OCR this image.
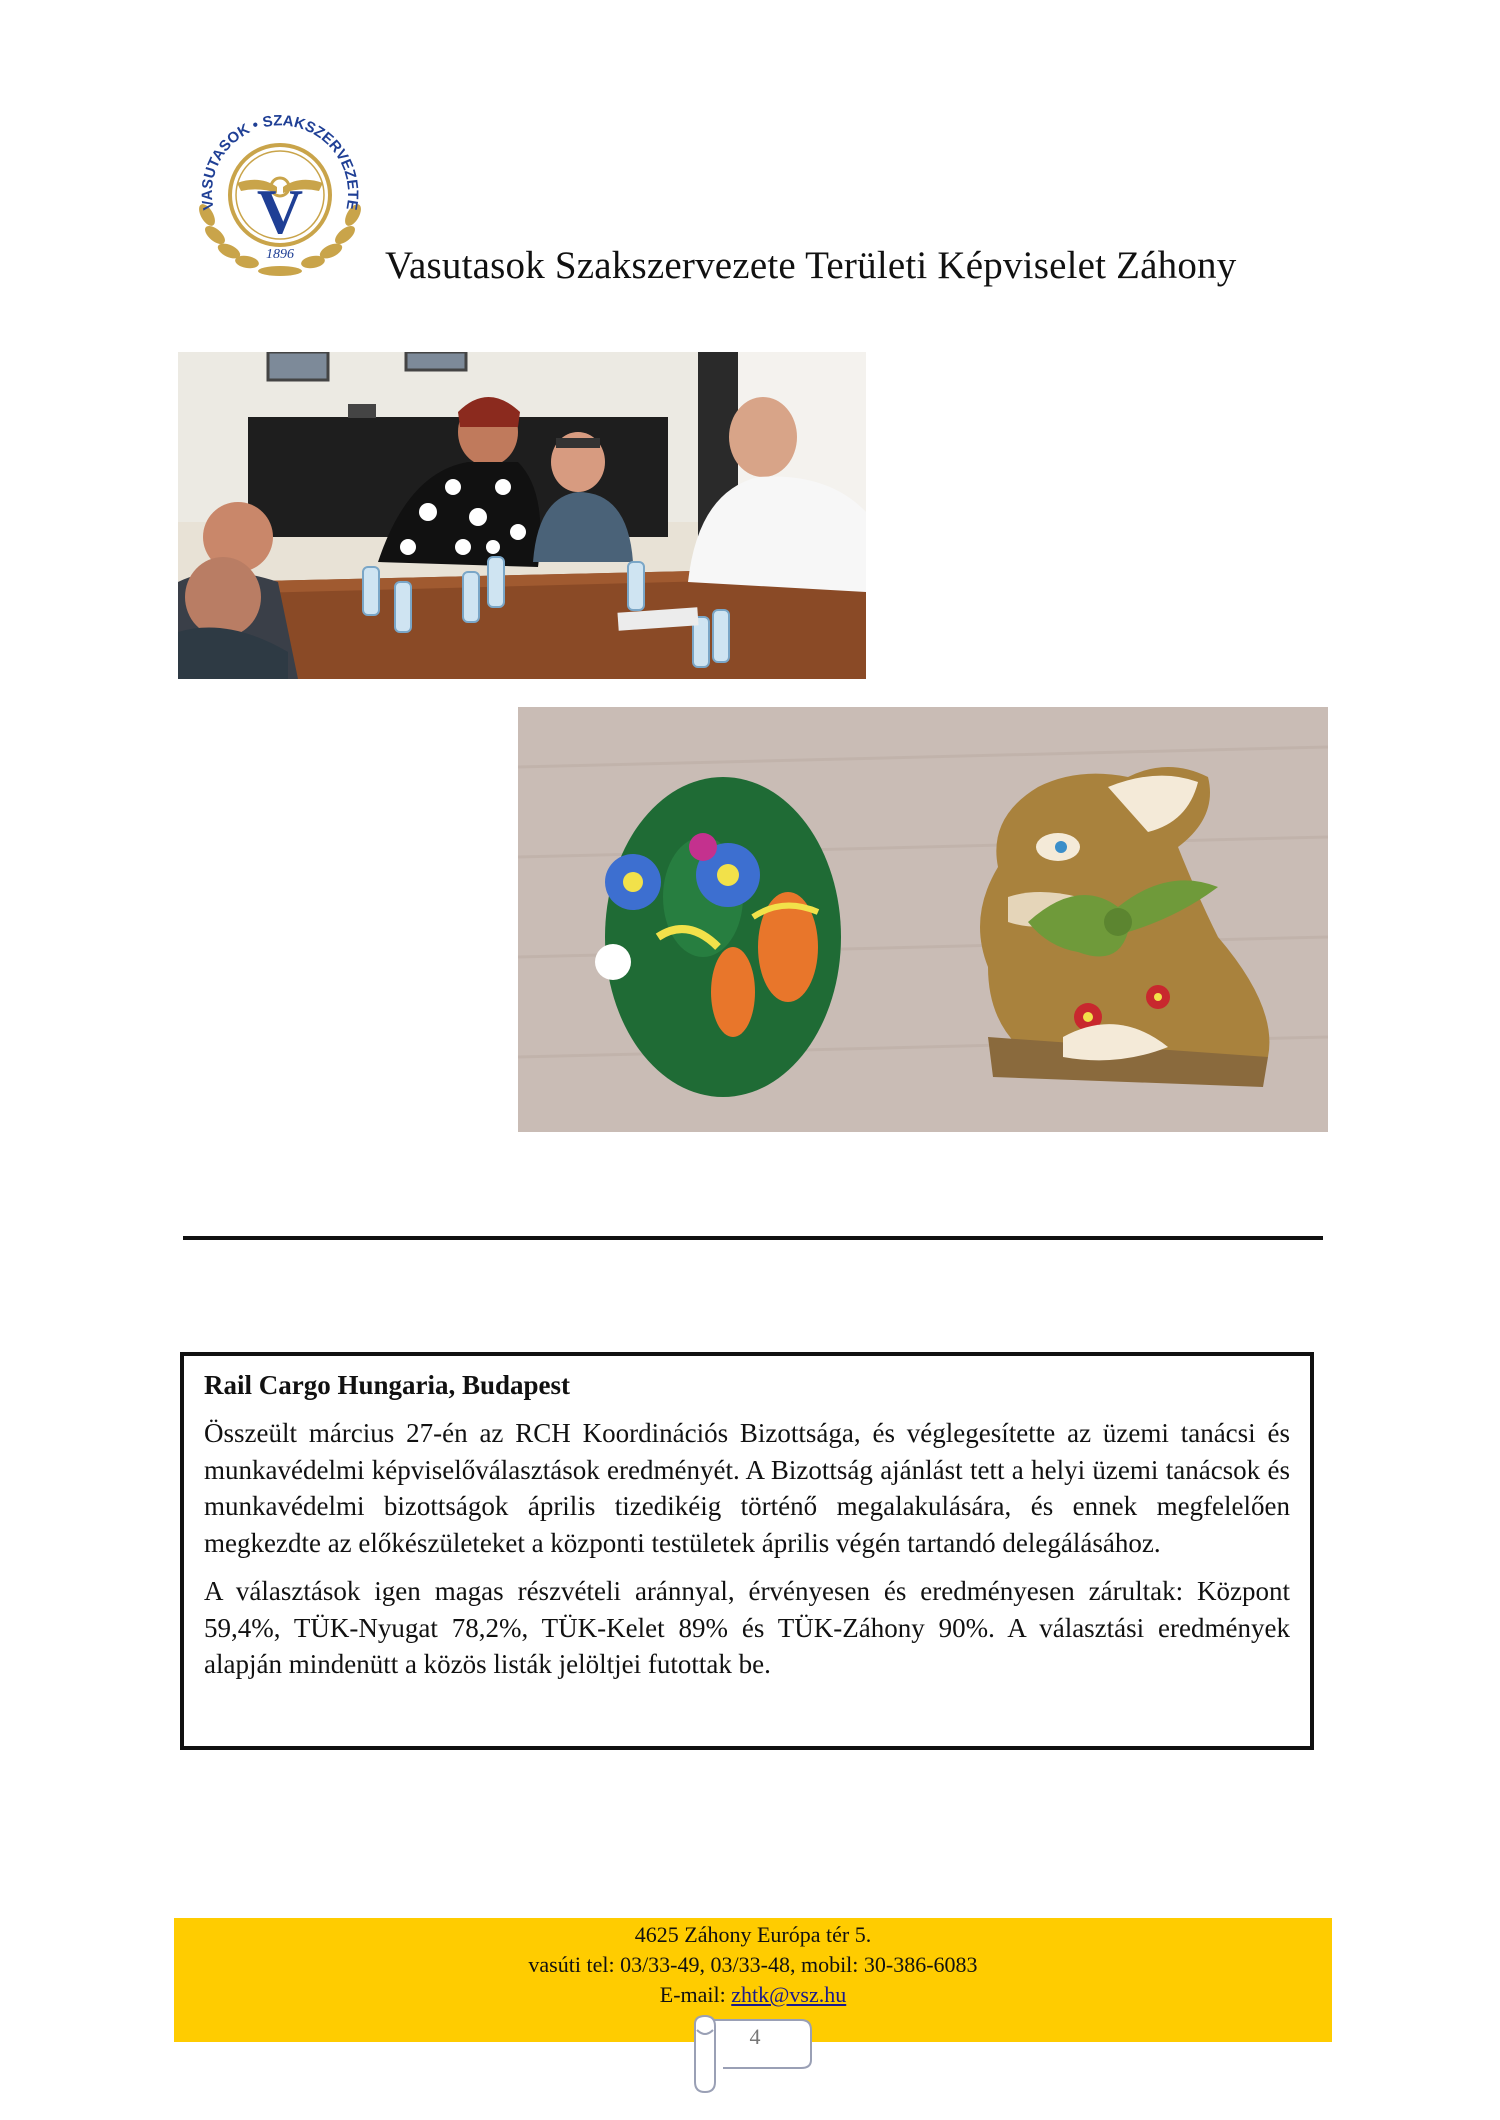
VASUTASOK • SZAKSZERVEZETE
V
1896 Vasutasok Szakszervezete Területi Képviselet Záhony
Rail Cargo Hungaria, Budapest

Összeült március 27-én az RCH Koordinációs Bizottsága, és véglegesítette az üzemi tanácsi és munkavédelmi képviselőválasztások eredményét. A Bizottság ajánlást tett a helyi üzemi tanácsok és munkavédelmi bizottságok április tizedikéig történő megalakulására, és ennek megfelelően megkezdte az előkészületeket a központi testületek április végén tartandó delegálásához.

A választások igen magas részvételi aránnyal, érvényesen és eredményesen zárultak: Központ 59,4%, TÜK-Nyugat 78,2%, TÜK-Kelet 89% és TÜK-Záhony 90%. A választási eredmények alapján mindenütt a közös listák jelöltjei futottak be.

4625 Záhony Európa tér 5.
vasúti tel: 03/33-49, 03/33-48, mobil: 30-386-6083
E-mail: zhtk@vsz.hu
4
